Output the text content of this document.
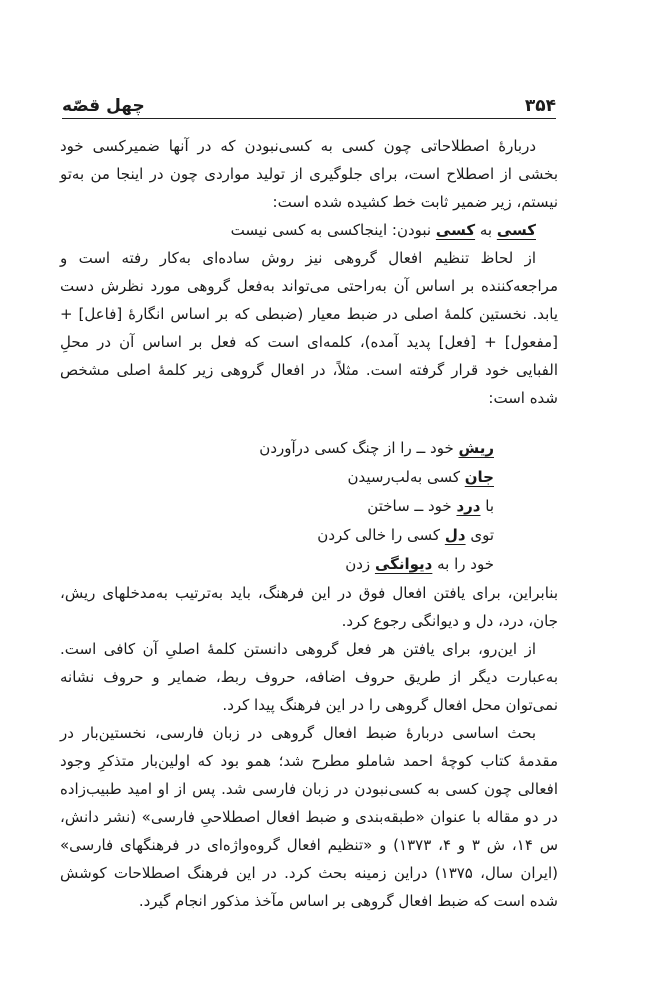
۳۵۴
چهل قصّه

دربارۀ اصطلاحاتی چون کسی به کسی‌نبودن که در آنها ضمیرکسی خود بخشی از اصطلاح است، برای جلوگیری از تولید مواردی چون در اینجا من به‌تو نیستم، زیر ضمیر ثابت خط کشیده شده است:

کسی به کسی نبودن: اینجاکسی به کسی نیست

از لحاظ تنظیم افعال گروهی نیز روش ساده‌ای به‌کار رفته است و مراجعه‌کننده بر اساس آن به‌راحتی می‌تواند به‌فعل گروهی مورد نظرش دست یابد. نخستین کلمۀ اصلی در ضبط معیار (ضبطی که بر اساس انگارۀ [فاعل] + [مفعول] + [فعل] پدید آمده)، کلمه‌ای است که فعل بر اساس آن در محلِ الفبایی خود قرار گرفته است. مثلاً، در افعال گروهی زیر کلمۀ اصلی مشخص شده است:

ریش خود ــ را از چنگ‌ کسی درآوردن

جان کسی به‌لب‌رسیدن

با درد خود ــ ساختن

توی دل کسی را خالی کردن

خود را به دیوانگی زدن

بنابراین، برای یافتن افعال فوق در این فرهنگ، باید به‌ترتیب به‌مدخلهای ریش، جان، درد، دل و دیوانگی رجوع کرد.

از این‌رو، برای یافتن هر فعل گروهی دانستن کلمۀ اصلیِ آن کافی است. به‌عبارت دیگر از طریق حروف اضافه، حروف ربط، ضمایر و حروف نشانه نمی‌توان محل افعال گروهی را در این فرهنگ پیدا کرد.

بحث اساسی دربارۀ ضبط افعال گروهی در زبان فارسی، نخستین‌بار در مقدمۀ کتاب کوچۀ احمد شاملو مطرح شد؛ همو بود که اولین‌بار متذکرِ وجود افعالی چون کسی به کسی‌نبودن در زبان فارسی شد. پس از او امید طبیب‌زاده در دو مقاله با عنوان «طبقه‌بندی و ضبط افعال اصطلاحیِ فارسی» (نشر دانش، س ۱۴، ش ۳ و ۴، ۱۳۷۳) و «تنظیم افعال گروه‌واژه‌ای در فرهنگهای فارسی» (ایران سال، ۱۳۷۵) دراین زمینه بحث کرد. در این فرهنگ اصطلاحات کوشش شده است که ضبط افعال گروهی بر اساس مآخذ مذکور انجام گیرد.
